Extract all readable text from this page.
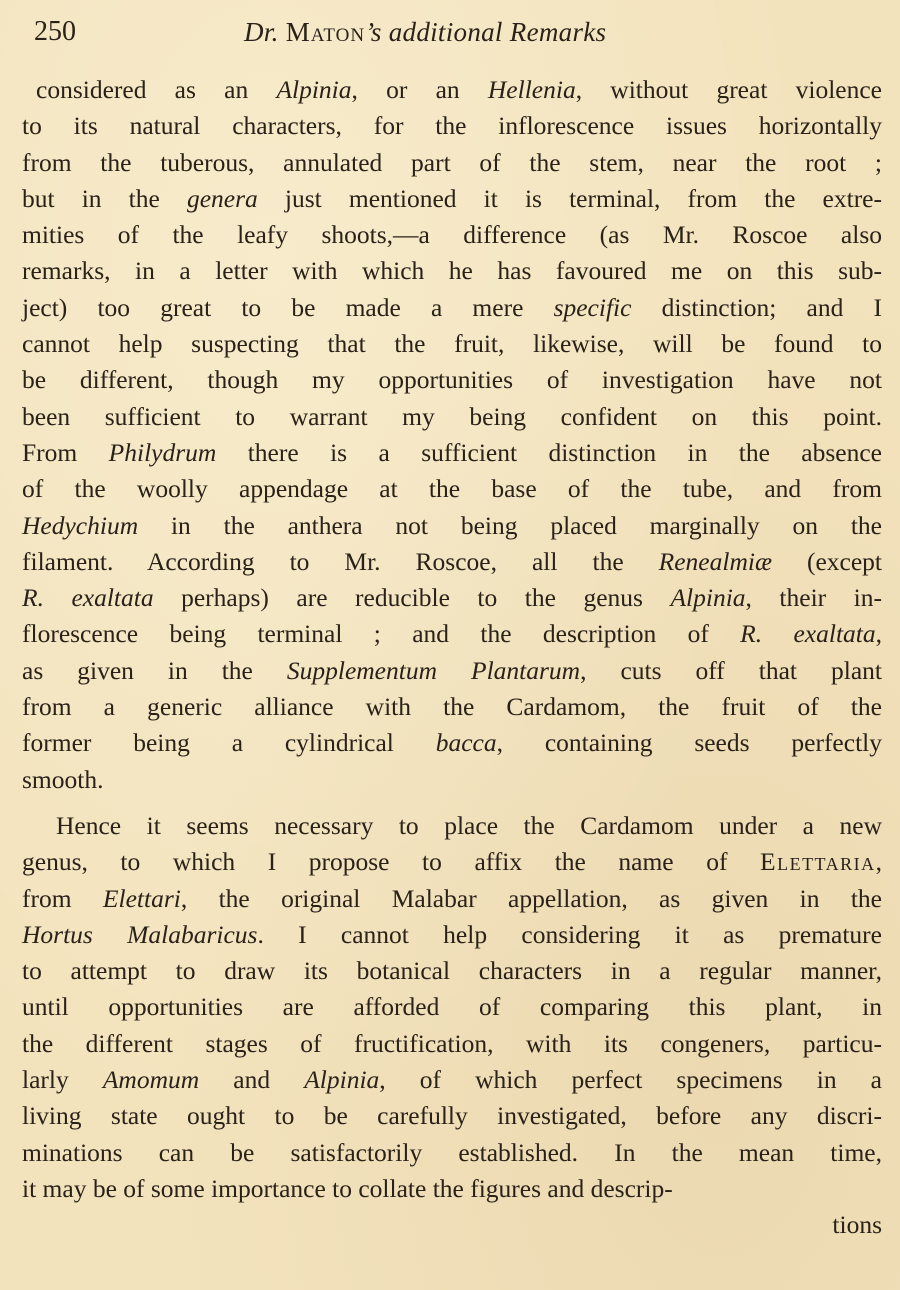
250	Dr. Maton’s additional Remarks
considered as an Alpinia, or an Hellenia, without great violence
to its natural characters, for the inflorescence issues horizontally
from the tuberous, annulated part of the stem, near the root ;
but in the genera just mentioned it is terminal, from the extre-
mities of the leafy shoots,—a difference (as Mr. Roscoe also
remarks, in a letter with which he has favoured me on this sub-
ject) too great to be made a mere specific distinction; and I
cannot help suspecting that the fruit, likewise, will be found to
be different, though my opportunities of investigation have not
been sufficient to warrant my being confident on this point.
From Philydrum there is a sufficient distinction in the absence
of the woolly appendage at the base of the tube, and from
Hedychium in the anthera not being placed marginally on the
filament. According to Mr. Roscoe, all the Renealmiæ (except
R. exaltata perhaps) are reducible to the genus Alpinia, their in-
florescence being terminal ; and the description of R. exaltata,
as given in the Supplementum Plantarum, cuts off that plant
from a generic alliance with the Cardamom, the fruit of the
former being a cylindrical bacca, containing seeds perfectly
smooth.
Hence it seems necessary to place the Cardamom under a new
genus, to which I propose to affix the name of Elettaria,
from Elettari, the original Malabar appellation, as given in the
Hortus Malabaricus. I cannot help considering it as premature
to attempt to draw its botanical characters in a regular manner,
until opportunities are afforded of comparing this plant, in
the different stages of fructification, with its congeners, particu-
larly Amomum and Alpinia, of which perfect specimens in a
living state ought to be carefully investigated, before any discri-
minations can be satisfactorily established. In the mean time,
it may be of some importance to collate the figures and descrip-
tions
